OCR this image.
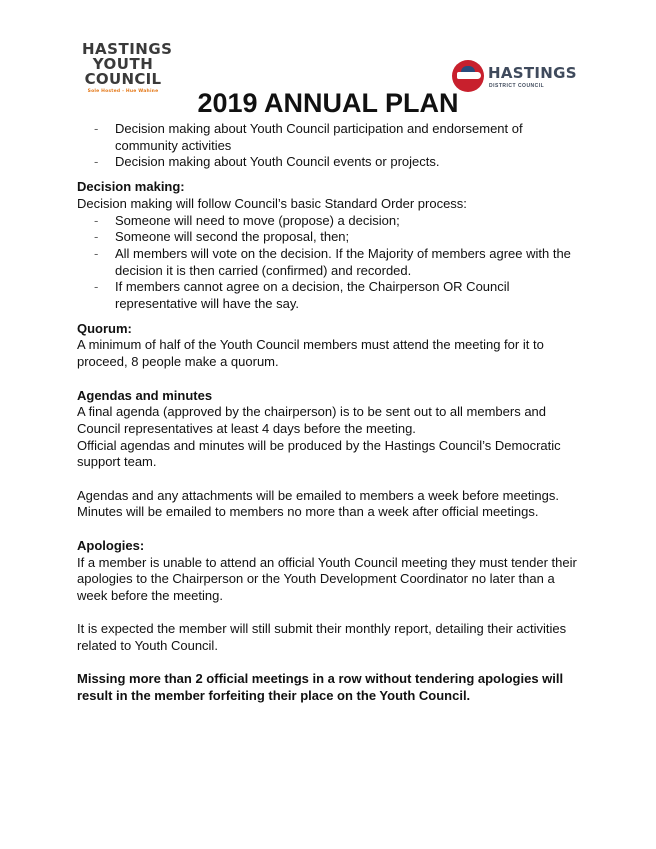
HASTINGS
YOUTH
COUNCIL
Sole Hosted - Hue Wahine
HASTINGS
DISTRICT COUNCIL
2019 ANNUAL PLAN
- Decision making about Youth Council participation and endorsement of community activities
- Decision making about Youth Council events or projects.

Decision making:

Decision making will follow Council’s basic Standard Order process:

- Someone will need to move (propose) a decision;
- Someone will second the proposal, then;
- All members will vote on the decision. If the Majority of members agree with the decision it is then carried (confirmed) and recorded.
- If members cannot agree on a decision, the Chairperson OR Council representative will have the say.

Quorum:

A minimum of half of the Youth Council members must attend the meeting for it to proceed, 8 people make a quorum.

Agendas and minutes

A final agenda (approved by the chairperson) is to be sent out to all members and Council representatives at least 4 days before the meeting.

Official agendas and minutes will be produced by the Hastings Council’s Democratic support team.

Agendas and any attachments will be emailed to members a week before meetings. Minutes will be emailed to members no more than a week after official meetings.

Apologies:

If a member is unable to attend an official Youth Council meeting they must tender their apologies to the Chairperson or the Youth Development Coordinator no later than a week before the meeting.

It is expected the member will still submit their monthly report, detailing their activities related to Youth Council.

Missing more than 2 official meetings in a row without tendering apologies will result in the member forfeiting their place on the Youth Council.
